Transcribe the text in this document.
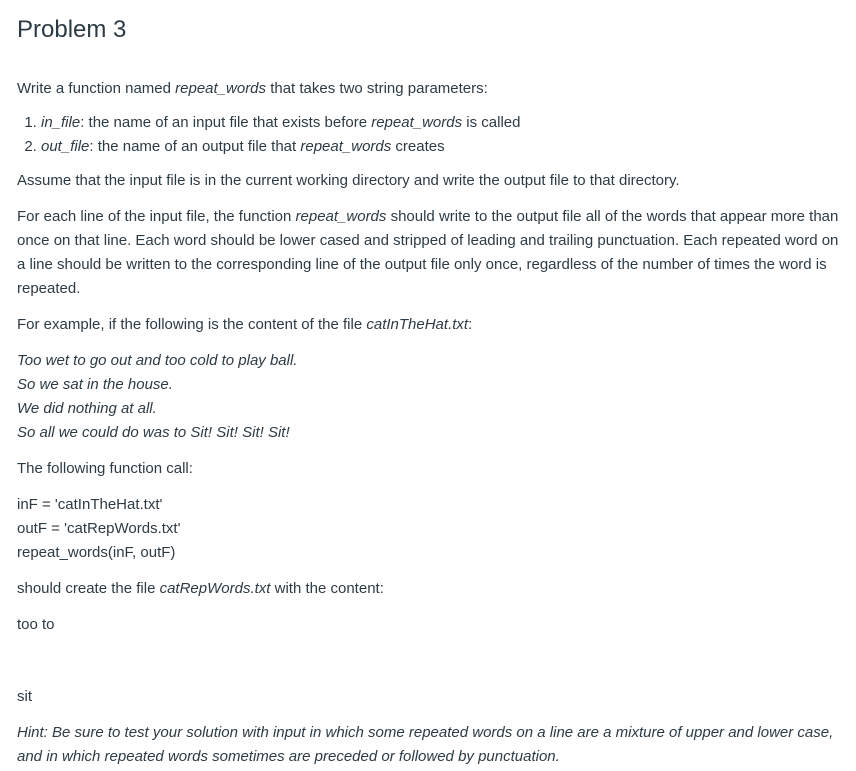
Problem 3

Write a function named repeat_words that takes two string parameters:

1. in_file: the name of an input file that exists before repeat_words is called
2. out_file: the name of an output file that repeat_words creates

Assume that the input file is in the current working directory and write the output file to that directory.

For each line of the input file, the function repeat_words should write to the output file all of the words that appear more than once on that line. Each word should be lower cased and stripped of leading and trailing punctuation. Each repeated word on a line should be written to the corresponding line of the output file only once, regardless of the number of times the word is repeated.

For example, if the following is the content of the file catInTheHat.txt:

Too wet to go out and too cold to play ball.
So we sat in the house.
We did nothing at all.
So all we could do was to Sit! Sit! Sit! Sit!

The following function call:

inF = 'catInTheHat.txt'
outF = 'catRepWords.txt'
repeat_words(inF, outF)

should create the file catRepWords.txt with the content:

too to

sit

Hint: Be sure to test your solution with input in which some repeated words on a line are a mixture of upper and lower case, and in which repeated words sometimes are preceded or followed by punctuation.
